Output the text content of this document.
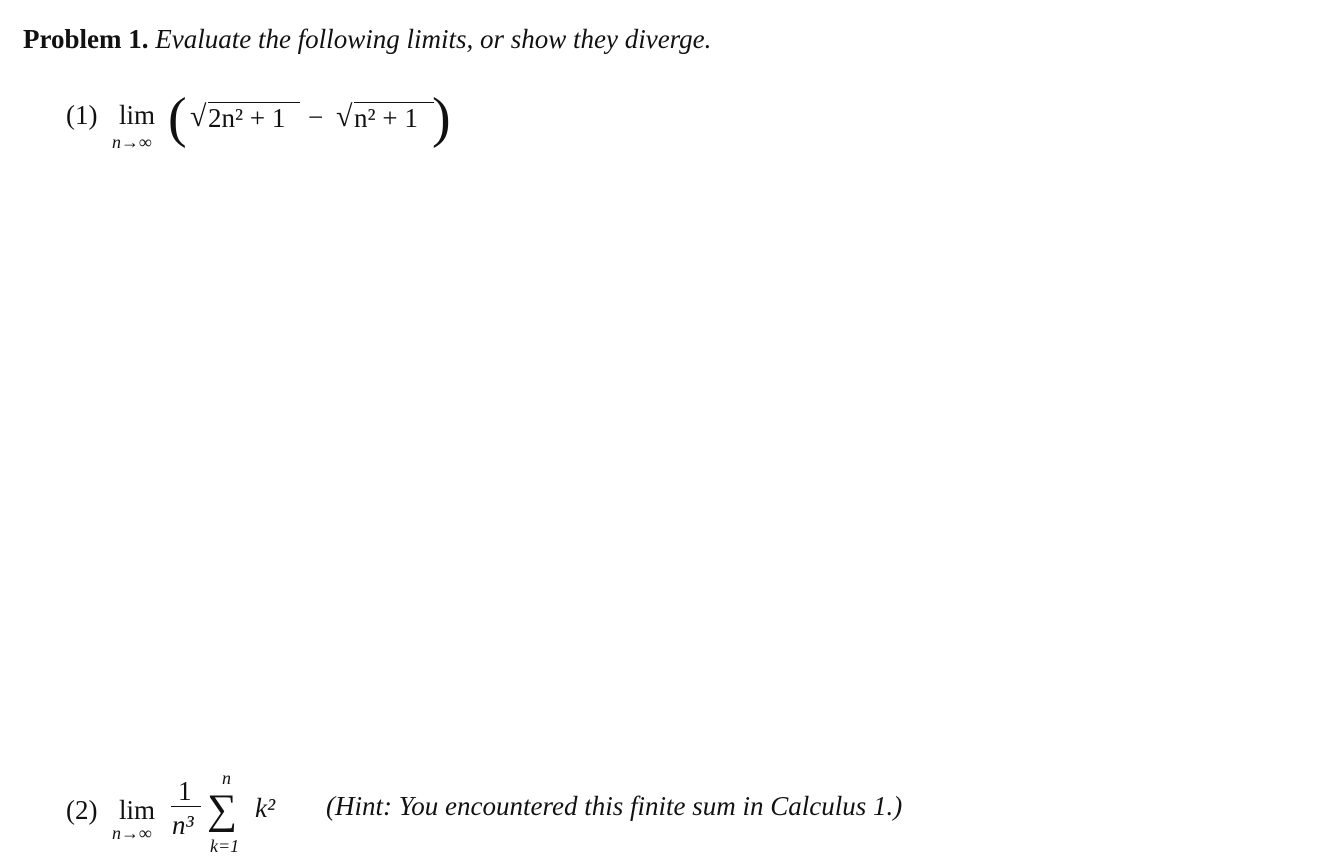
Problem 1. Evaluate the following limits, or show they diverge.
(1) lim
n→∞ ( √ 2n² + 1 − √ n² + 1 )
(2) lim
n→∞
1
n³
n
∑
k=1
k² (Hint: You encountered this finite sum in Calculus 1.)
